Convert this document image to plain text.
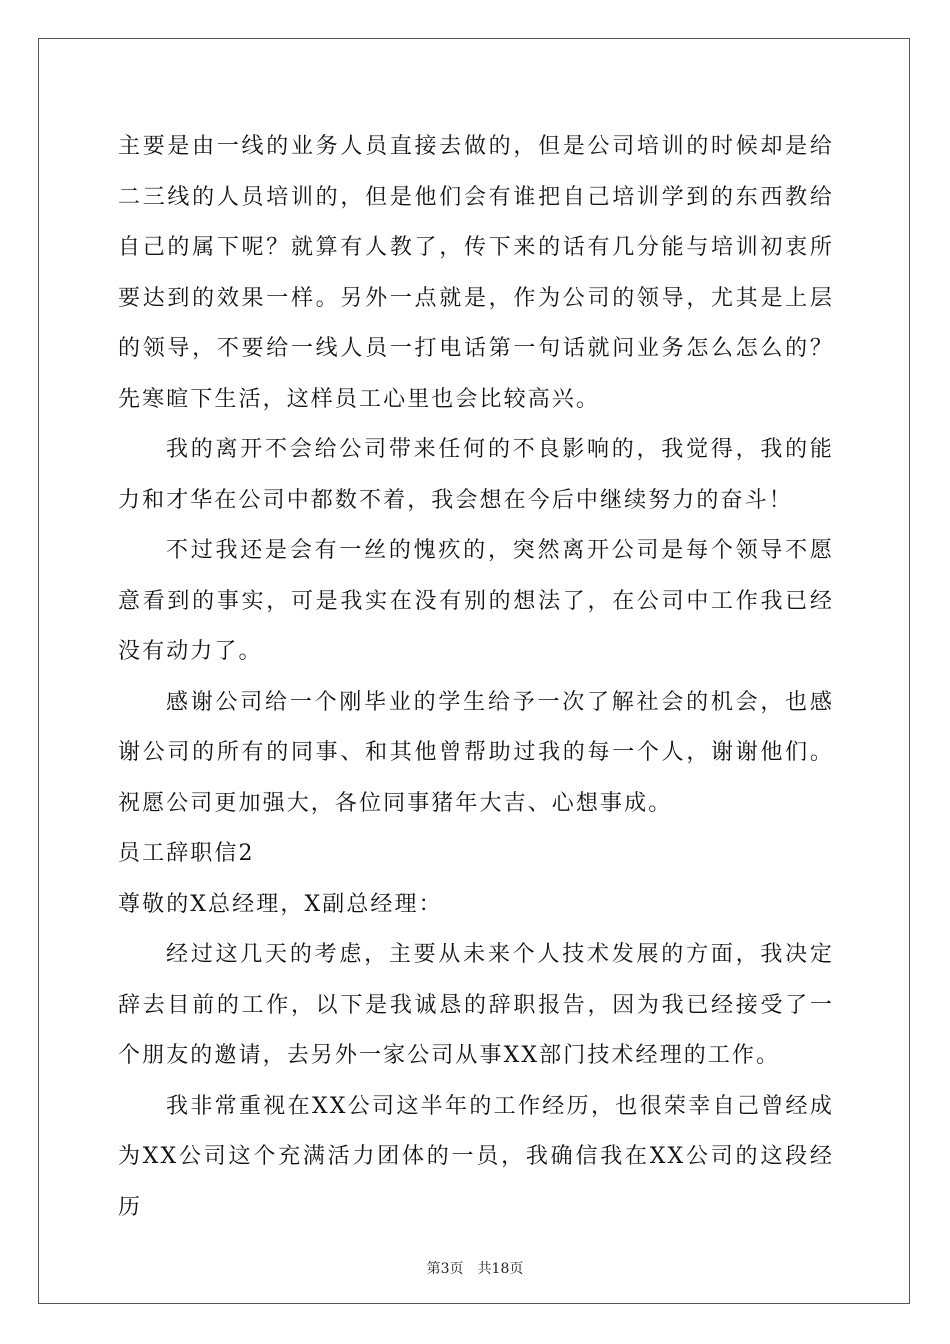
主要是由一线的业务人员直接去做的，但是公司培训的时候却是给二三线的人员培训的，但是他们会有谁把自己培训学到的东西教给自己的属下呢？就算有人教了，传下来的话有几分能与培训初衷所要达到的效果一样。另外一点就是，作为公司的领导，尤其是上层的领导，不要给一线人员一打电话第一句话就问业务怎么怎么的？先寒暄下生活，这样员工心里也会比较高兴。

我的离开不会给公司带来任何的不良影响的，我觉得，我的能力和才华在公司中都数不着，我会想在今后中继续努力的奋斗！

不过我还是会有一丝的愧疚的，突然离开公司是每个领导不愿意看到的事实，可是我实在没有别的想法了，在公司中工作我已经没有动力了。

感谢公司给一个刚毕业的学生给予一次了解社会的机会，也感谢公司的所有的同事、和其他曾帮助过我的每一个人，谢谢他们。祝愿公司更加强大，各位同事猪年大吉、心想事成。

员工辞职信2

尊敬的X总经理，X副总经理：

经过这几天的考虑，主要从未来个人技术发展的方面，我决定辞去目前的工作，以下是我诚恳的辞职报告，因为我已经接受了一个朋友的邀请，去另外一家公司从事XX部门技术经理的工作。

我非常重视在XX公司这半年的工作经历，也很荣幸自己曾经成为XX公司这个充满活力团体的一员，我确信我在XX公司的这段经历

第3页 共18页
